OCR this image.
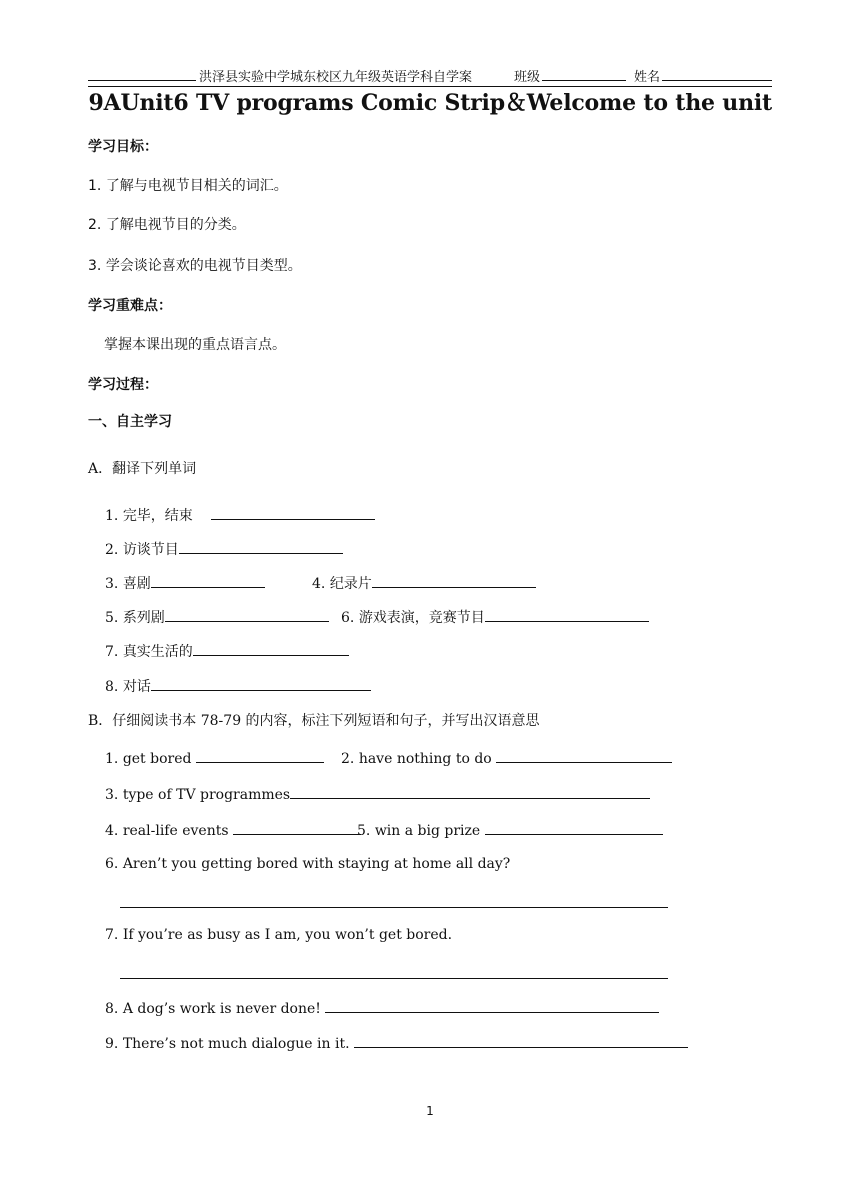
洪泽县实验中学城东校区九年级英语学科自学案	班级	姓名
9AUnit6 TV programs Comic Strip＆Welcome to the unit
学习目标：
1. 了解与电视节目相关的词汇。
2. 了解电视节目的分类。
3. 学会谈论喜欢的电视节目类型。
学习重难点：
掌握本课出现的重点语言点。
学习过程：
一、自主学习
A．翻译下列单词
1. 完毕，结束
2. 访谈节目
3. 喜剧	4. 纪录片
5. 系列剧	6. 游戏表演，竞赛节目
7. 真实生活的
8. 对话
B．仔细阅读书本 78-79 的内容，标注下列短语和句子，并写出汉语意思
1. get bored	2. have nothing to do
3. type of TV programmes
4. real-life events	5. win a big prize
6. Aren’t you getting bored with staying at home all day?
7. If you’re as busy as I am, you won’t get bored.
8. A dog’s work is never done!
9. There’s not much dialogue in it.
1
